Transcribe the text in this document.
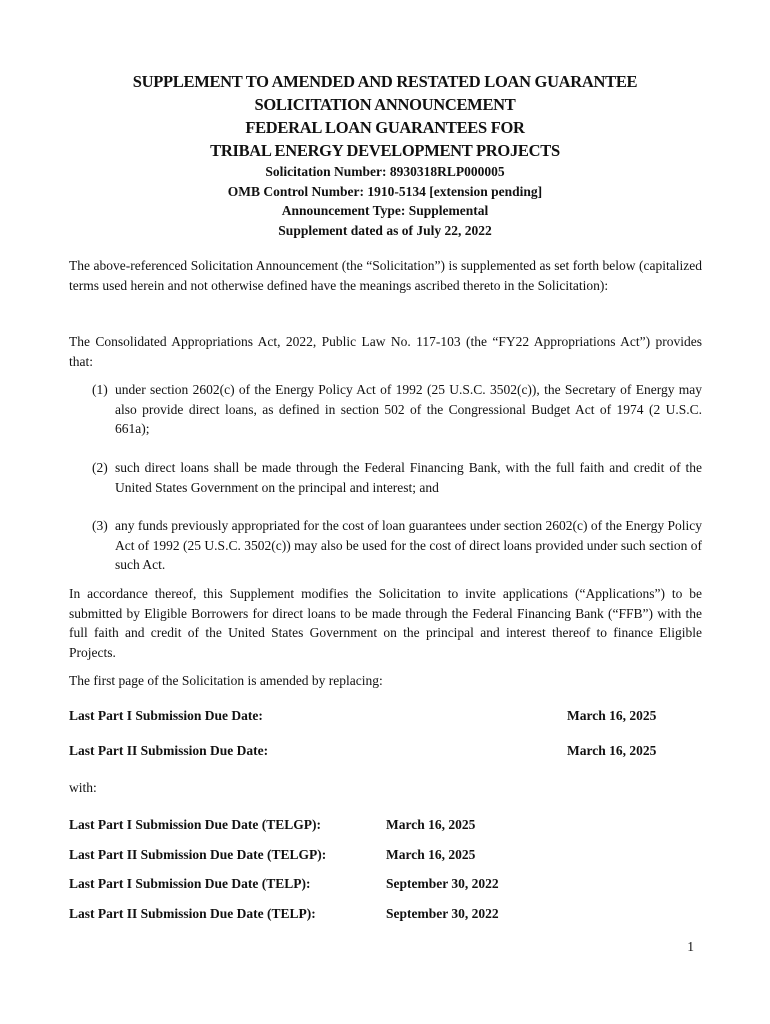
SUPPLEMENT TO AMENDED AND RESTATED LOAN GUARANTEE
SOLICITATION ANNOUNCEMENT
FEDERAL LOAN GUARANTEES FOR
TRIBAL ENERGY DEVELOPMENT PROJECTS
Solicitation Number: 8930318RLP000005
OMB Control Number: 1910-5134 [extension pending]
Announcement Type: Supplemental
Supplement dated as of July 22, 2022
The above-referenced Solicitation Announcement (the “Solicitation”) is supplemented as set forth below (capitalized terms used herein and not otherwise defined have the meanings ascribed thereto in the Solicitation):
The Consolidated Appropriations Act, 2022, Public Law No. 117-103 (the “FY22 Appropriations Act”) provides that:
(1) under section 2602(c) of the Energy Policy Act of 1992 (25 U.S.C. 3502(c)), the Secretary of Energy may also provide direct loans, as defined in section 502 of the Congressional Budget Act of 1974 (2 U.S.C. 661a);
(2) such direct loans shall be made through the Federal Financing Bank, with the full faith and credit of the United States Government on the principal and interest; and
(3) any funds previously appropriated for the cost of loan guarantees under section 2602(c) of the Energy Policy Act of 1992 (25 U.S.C. 3502(c)) may also be used for the cost of direct loans provided under such section of such Act.
In accordance thereof, this Supplement modifies the Solicitation to invite applications (“Applications”) to be submitted by Eligible Borrowers for direct loans to be made through the Federal Financing Bank (“FFB”) with the full faith and credit of the United States Government on the principal and interest thereof to finance Eligible Projects.
The first page of the Solicitation is amended by replacing:
Last Part I Submission Due Date:	March 16, 2025
Last Part II Submission Due Date:	March 16, 2025
with:
Last Part I Submission Due Date (TELGP):	March 16, 2025
Last Part II Submission Due Date (TELGP):	March 16, 2025
Last Part I Submission Due Date (TELP):	September 30, 2022
Last Part II Submission Due Date (TELP):	September 30, 2022
1
